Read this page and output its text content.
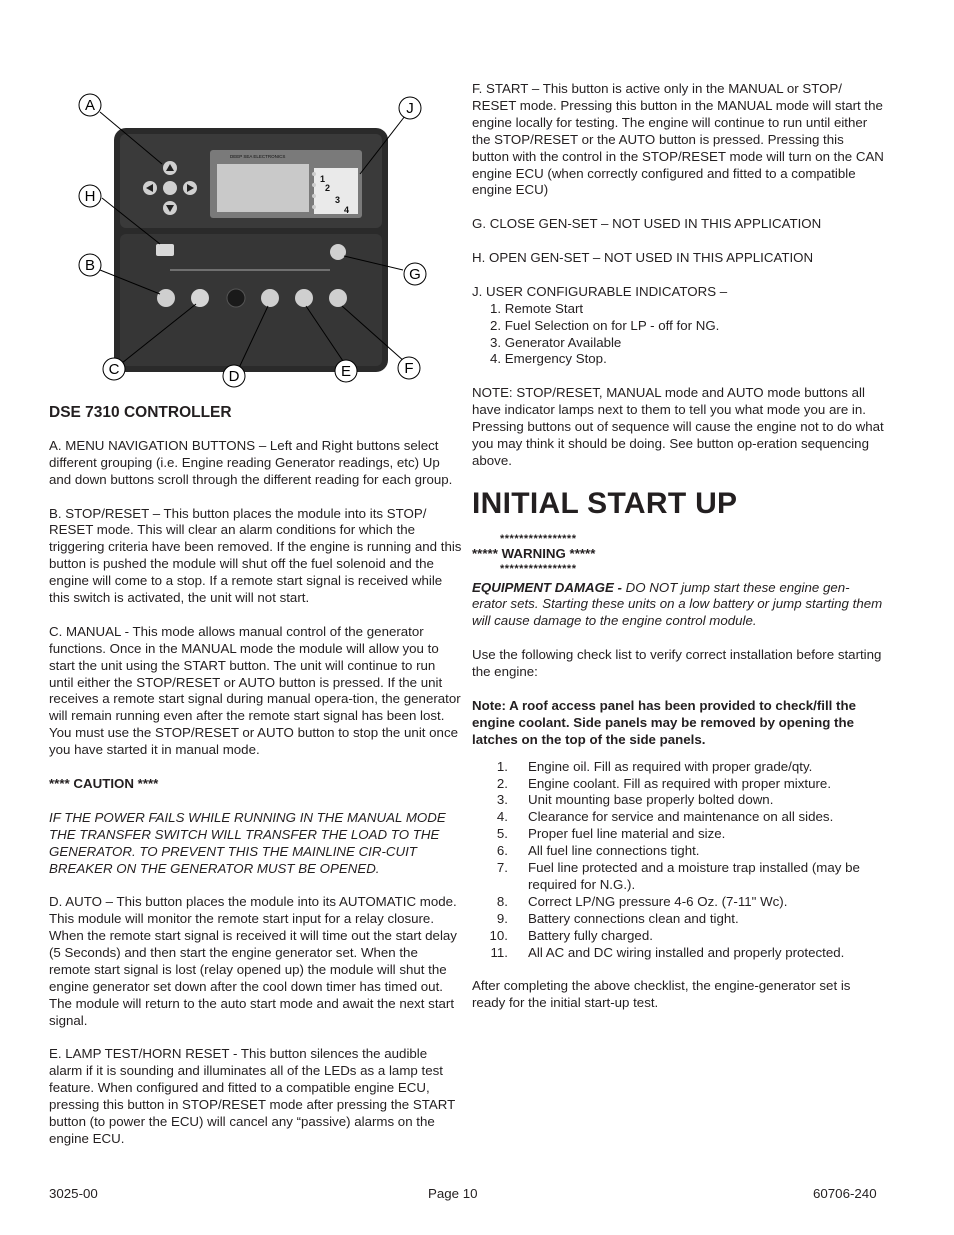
DEEP SEA ELECTRONICS
1
2
3
4
A	J
H
B
G
C	D	E	F

DSE 7310 CONTROLLER

A. MENU NAVIGATION BUTTONS – Left and Right buttons select different grouping (i.e. Engine reading Generator readings, etc) Up and down buttons scroll through the different reading for each group.

B. STOP/RESET – This button places the module into its STOP/ RESET mode. This will clear an alarm conditions for which the triggering criteria have been removed. If the engine is running and this button is pushed the module will shut off the fuel solenoid and the engine will come to a stop. If a remote start signal is received while this switch is activated, the unit will not start.

C. MANUAL - This mode allows manual control of the generator functions. Once in the MANUAL mode the module will allow you to start the unit using the START button. The unit will continue to run until either the STOP/RESET or AUTO button is pressed. If the unit receives a remote start signal during manual opera-tion, the generator will remain running even after the remote start signal has been lost. You must use the STOP/RESET or AUTO button to stop the unit once you have started it in manual mode.

**** CAUTION ****

IF THE POWER FAILS WHILE RUNNING IN THE MANUAL MODE THE TRANSFER SWITCH WILL TRANSFER THE LOAD TO THE GENERATOR. TO PREVENT THIS THE MAINLINE CIR-CUIT BREAKER ON THE GENERATOR MUST BE OPENED.

D. AUTO – This button places the module into its AUTOMATIC mode. This module will monitor the remote start input for a relay closure. When the remote start signal is received it will time out the start delay (5 Seconds) and then start the engine generator set. When the remote start signal is lost (relay opened up) the module will shut the engine generator set down after the cool down timer has timed out. The module will return to the auto start mode and await the next start signal.

E. LAMP TEST/HORN RESET - This button silences the audible alarm if it is sounding and illuminates all of the LEDs as a lamp test feature. When configured and fitted to a compatible engine ECU, pressing this button in STOP/RESET mode after pressing the START button (to power the ECU) will cancel any “passive) alarms on the engine ECU.

F. START – This button is active only in the MANUAL or STOP/ RESET mode. Pressing this button in the MANUAL mode will start the engine locally for testing. The engine will continue to run until either the STOP/RESET or the AUTO button is pressed. Pressing this button with the control in the STOP/RESET mode will turn on the CAN engine ECU (when correctly configured and fitted to a compatible engine ECU)

G. CLOSE GEN-SET – NOT USED IN THIS APPLICATION

H. OPEN GEN-SET – NOT USED IN THIS APPLICATION

J. USER CONFIGURABLE INDICATORS –

1. Remote Start
2. Fuel Selection on for LP - off for NG.
3. Generator Available
4. Emergency Stop.

NOTE: STOP/RESET, MANUAL mode and AUTO mode buttons all have indicator lamps next to them to tell you what mode you are in. Pressing buttons out of sequence will cause the engine not to do what you may think it should be doing. See button op-eration sequencing above.

INITIAL START UP

****************

***** WARNING *****

****************

EQUIPMENT DAMAGE - DO NOT jump start these engine gen-erator sets. Starting these units on a low battery or jump starting them will cause damage to the engine control module.

Use the following check list to verify correct installation before starting the engine:

Note: A roof access panel has been provided to check/fill the engine coolant. Side panels may be removed by opening the latches on the top of the side panels.

1.	Engine oil. Fill as required with proper grade/qty.
2.	Engine coolant. Fill as required with proper mixture.
3.	Unit mounting base properly bolted down.
4.	Clearance for service and maintenance on all sides.
5.	Proper fuel line material and size.
6.	All fuel line connections tight.
7.	Fuel line protected and a moisture trap installed (may be required for N.G.).
8.	Correct LP/NG pressure 4-6 Oz. (7-11" Wc).
9.	Battery connections clean and tight.
10.	Battery fully charged.
11.	All AC and DC wiring installed and properly protected.

After completing the above checklist, the engine-generator set is ready for the initial start-up test.

3025-00	Page 10	60706-240
